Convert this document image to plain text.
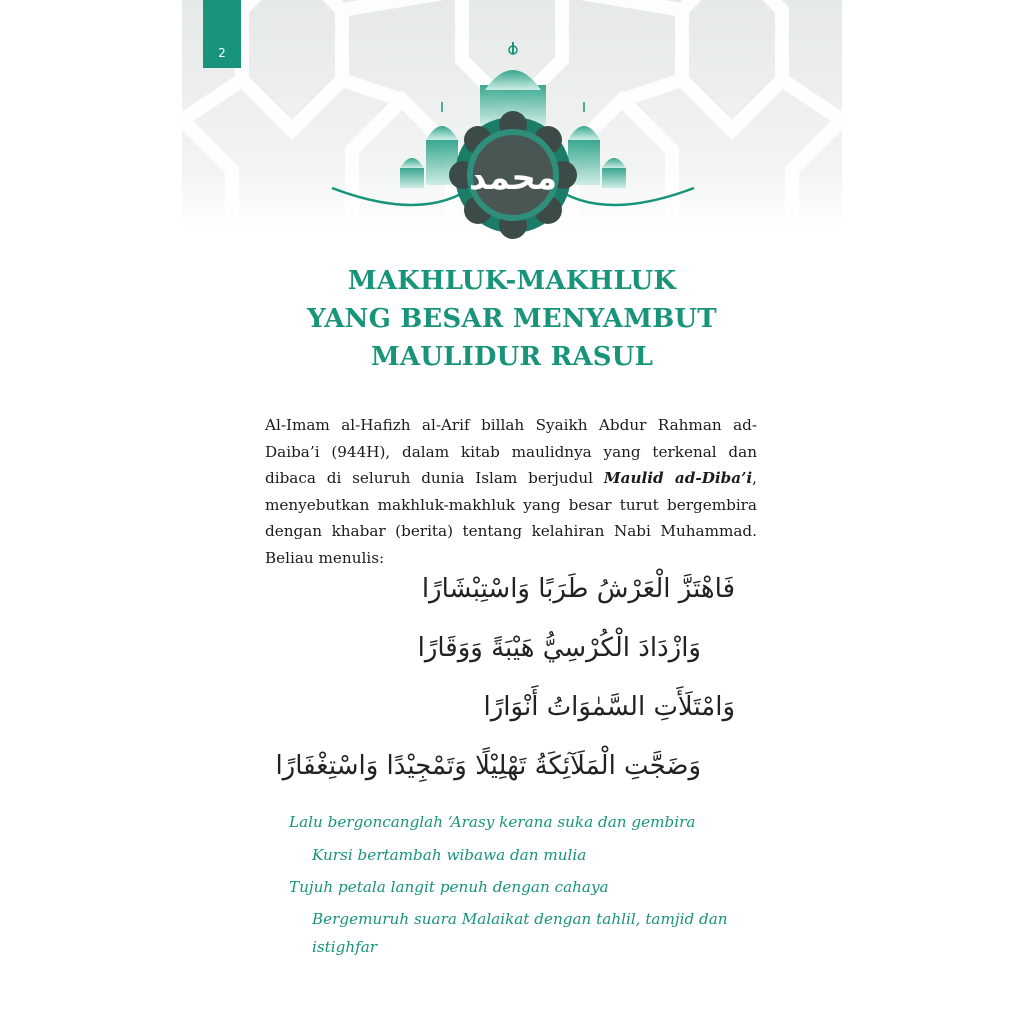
2
محمد
MAKHLUK-MAKHLUK
YANG BESAR MENYAMBUT
MAULIDUR RASUL
Al-Imam al-Hafizh al-Arif billah Syaikh Abdur Rahman ad-Daiba’i (944H), dalam kitab maulidnya yang terkenal dan dibaca di seluruh dunia Islam berjudul Maulid ad-Diba’i, menyebutkan makhluk-makhluk yang besar turut bergembira dengan khabar (berita) tentang kelahiran Nabi Muhammad. Beliau menulis:
فَاهْتَزَّ الْعَرْشُ طَرَبًا وَاسْتِبْشَارًا
وَازْدَادَ الْكُرْسِيُّ هَيْبَةً وَوَقَارًا
وَامْتَلَأَتِ السَّمٰوَاتُ أَنْوَارًا
وَضَجَّتِ الْمَلَآئِكَةُ تَهْلِيْلًا وَتَمْجِيْدًا وَاسْتِغْفَارًا
Lalu bergoncanglah ‘Arasy kerana suka dan gembira
Kursi bertambah wibawa dan mulia
Tujuh petala langit penuh dengan cahaya
Bergemuruh suara Malaikat dengan tahlil, tamjid dan
istighfar
